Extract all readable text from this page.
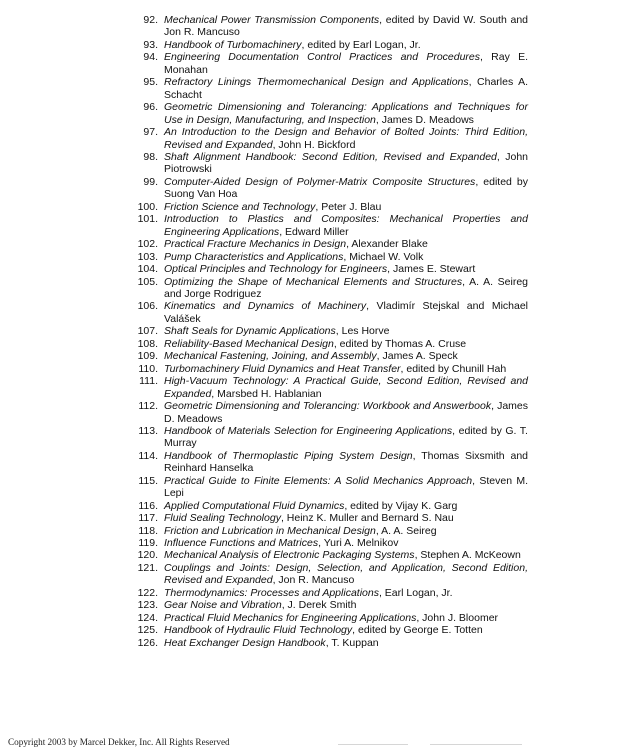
92. Mechanical Power Transmission Components, edited by David W. South and Jon R. Mancuso
93. Handbook of Turbomachinery, edited by Earl Logan, Jr.
94. Engineering Documentation Control Practices and Procedures, Ray E. Monahan
95. Refractory Linings Thermomechanical Design and Applications, Charles A. Schacht
96. Geometric Dimensioning and Tolerancing: Applications and Techniques for Use in Design, Manufacturing, and Inspection, James D. Meadows
97. An Introduction to the Design and Behavior of Bolted Joints: Third Edition, Revised and Expanded, John H. Bickford
98. Shaft Alignment Handbook: Second Edition, Revised and Expanded, John Piotrowski
99. Computer-Aided Design of Polymer-Matrix Composite Structures, edited by Suong Van Hoa
100. Friction Science and Technology, Peter J. Blau
101. Introduction to Plastics and Composites: Mechanical Properties and Engineering Applications, Edward Miller
102. Practical Fracture Mechanics in Design, Alexander Blake
103. Pump Characteristics and Applications, Michael W. Volk
104. Optical Principles and Technology for Engineers, James E. Stewart
105. Optimizing the Shape of Mechanical Elements and Structures, A. A. Seireg and Jorge Rodriguez
106. Kinematics and Dynamics of Machinery, Vladimír Stejskal and Michael Valášek
107. Shaft Seals for Dynamic Applications, Les Horve
108. Reliability-Based Mechanical Design, edited by Thomas A. Cruse
109. Mechanical Fastening, Joining, and Assembly, James A. Speck
110. Turbomachinery Fluid Dynamics and Heat Transfer, edited by Chunill Hah
111. High-Vacuum Technology: A Practical Guide, Second Edition, Revised and Expanded, Marsbed H. Hablanian
112. Geometric Dimensioning and Tolerancing: Workbook and Answerbook, James D. Meadows
113. Handbook of Materials Selection for Engineering Applications, edited by G. T. Murray
114. Handbook of Thermoplastic Piping System Design, Thomas Sixsmith and Reinhard Hanselka
115. Practical Guide to Finite Elements: A Solid Mechanics Approach, Steven M. Lepi
116. Applied Computational Fluid Dynamics, edited by Vijay K. Garg
117. Fluid Sealing Technology, Heinz K. Muller and Bernard S. Nau
118. Friction and Lubrication in Mechanical Design, A. A. Seireg
119. Influence Functions and Matrices, Yuri A. Melnikov
120. Mechanical Analysis of Electronic Packaging Systems, Stephen A. McKeown
121. Couplings and Joints: Design, Selection, and Application, Second Edition, Revised and Expanded, Jon R. Mancuso
122. Thermodynamics: Processes and Applications, Earl Logan, Jr.
123. Gear Noise and Vibration, J. Derek Smith
124. Practical Fluid Mechanics for Engineering Applications, John J. Bloomer
125. Handbook of Hydraulic Fluid Technology, edited by George E. Totten
126. Heat Exchanger Design Handbook, T. Kuppan
Copyright 2003 by Marcel Dekker, Inc. All Rights Reserved
